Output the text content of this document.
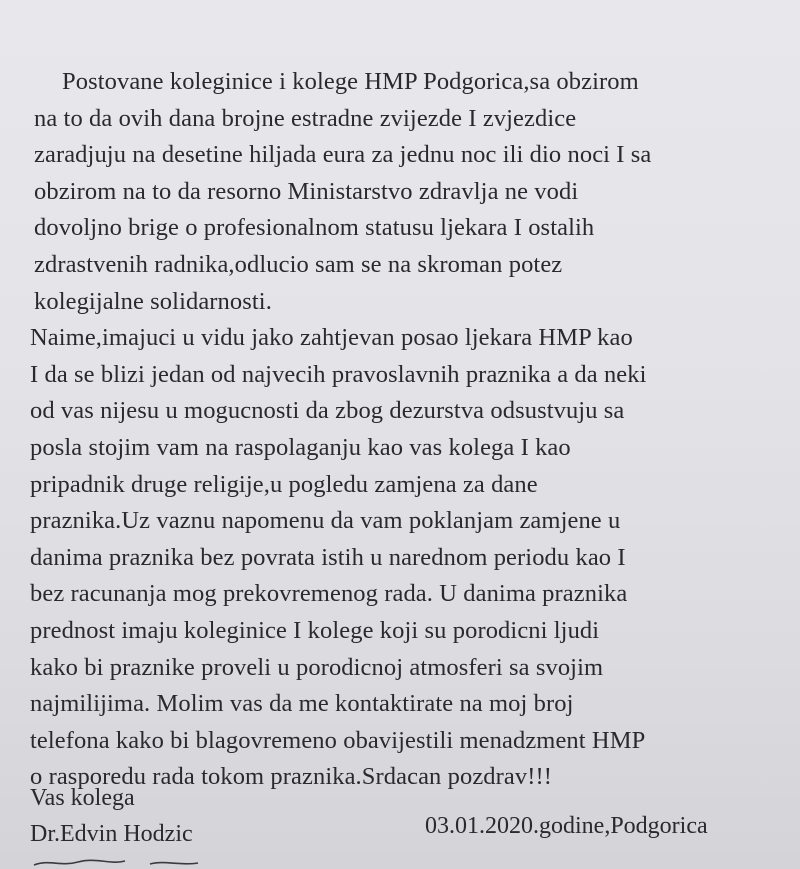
Postovane koleginice i kolege HMP Podgorica,sa obzirom
na to da ovih dana brojne estradne zvijezde I zvjezdice
zaradjuju na desetine hiljada eura za jednu noc ili dio noci I sa
obzirom na to da resorno Ministarstvo zdravlja ne vodi
dovoljno brige o profesionalnom statusu ljekara I ostalih
zdrastvenih radnika,odlucio sam se na skroman potez
kolegijalne solidarnosti.
Naime,imajuci u vidu jako zahtjevan posao ljekara HMP kao
I da se blizi jedan od najvecih pravoslavnih praznika a da neki
od vas nijesu u mogucnosti da zbog dezurstva odsustvuju sa
posla stojim vam na raspolaganju kao vas kolega I kao
pripadnik druge religije,u pogledu zamjena za dane
praznika.Uz vaznu napomenu da vam poklanjam zamjene u
danima praznika bez povrata istih u narednom periodu kao I
bez racunanja mog prekovremenog rada. U danima praznika
prednost imaju koleginice I kolege koji su porodicni ljudi
kako bi praznike proveli u porodicnoj atmosferi sa svojim
najmilijima. Molim vas da me kontaktirate na moj broj
telefona kako bi blagovremeno obavijestili menadzment HMP
o rasporedu rada tokom praznika.Srdacan pozdrav!!!
Vas kolega
Dr.Edvin Hodzic	03.01.2020.godine,Podgorica
